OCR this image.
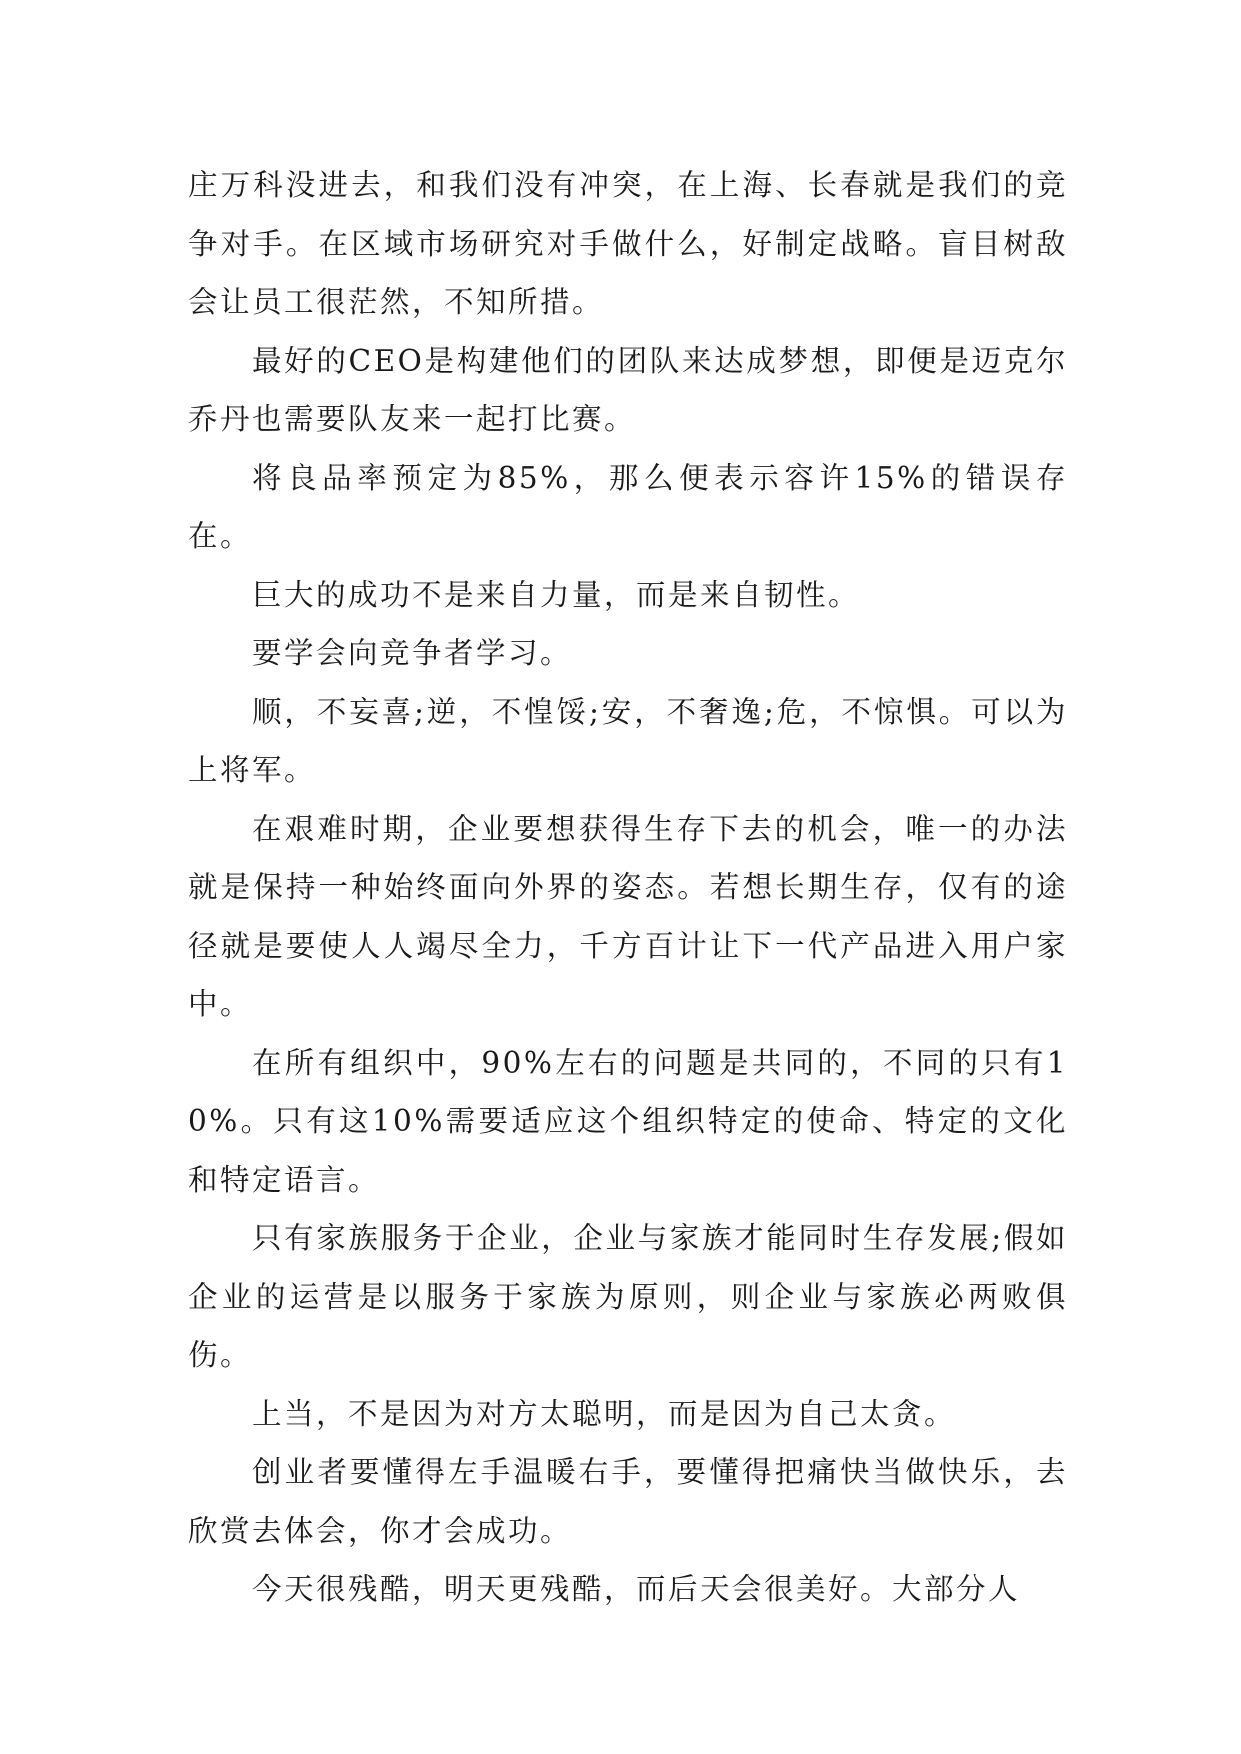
庄万科没进去，和我们没有冲突，在上海、长春就是我们的竞争对手。在区域市场研究对手做什么，好制定战略。盲目树敌会让员工很茫然，不知所措。

最好的CEO是构建他们的团队来达成梦想，即便是迈克尔乔丹也需要队友来一起打比赛。

将良品率预定为85%，那么便表示容许15%的错误存在。

巨大的成功不是来自力量，而是来自韧性。

要学会向竞争者学习。

顺，不妄喜;逆，不惶馁;安，不奢逸;危，不惊惧。可以为上将军。

在艰难时期，企业要想获得生存下去的机会，唯一的办法就是保持一种始终面向外界的姿态。若想长期生存，仅有的途径就是要使人人竭尽全力，千方百计让下一代产品进入用户家中。

在所有组织中，90%左右的问题是共同的，不同的只有10%。只有这10%需要适应这个组织特定的使命、特定的文化和特定语言。

只有家族服务于企业，企业与家族才能同时生存发展;假如企业的运营是以服务于家族为原则，则企业与家族必两败俱伤。

上当，不是因为对方太聪明，而是因为自己太贪。

创业者要懂得左手温暖右手，要懂得把痛快当做快乐，去欣赏去体会，你才会成功。

今天很残酷，明天更残酷，而后天会很美好。大部分人
